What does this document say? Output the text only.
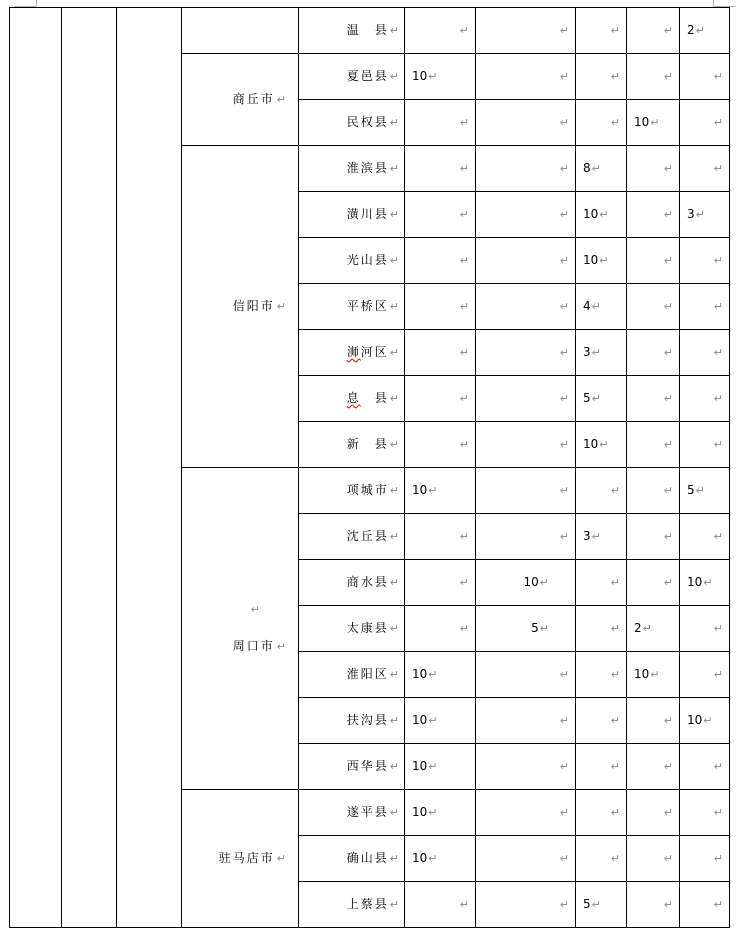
				温　县↵	↵	↵	↵	↵	2↵
			商丘市 ↵	夏邑县↵	10↵	↵	↵	↵	↵
				民权县↵	↵	↵	↵	10↵	↵
			信阳市 ↵	淮滨县↵	↵	↵	8↵	↵	↵
				潢川县↵	↵	↵	10↵	↵	3↵
				光山县↵	↵	↵	10↵	↵	↵
				平桥区↵	↵	↵	4↵	↵	↵
				浉河区↵	↵	↵	3↵	↵	↵
				息　县↵	↵	↵	5↵	↵	↵
				新　县↵	↵	↵	10↵	↵	↵

			↵
周口市 ↵	项城市↵	10↵	↵	↵	↵	5↵
				沈丘县↵	↵	↵	3↵	↵	↵
				商水县↵	↵	10↵	↵	↵	10↵
				太康县↵	↵	5↵	↵	2↵	↵
				淮阳区↵	10↵	↵	↵	10↵	↵
				扶沟县↵	10↵	↵	↵	↵	10↵
				西华县↵	10↵	↵	↵	↵	↵
			驻马店市 ↵	遂平县↵	10↵	↵	↵	↵	↵
				确山县↵	10↵	↵	↵	↵	↵
				上蔡县↵	↵	↵	5↵	↵	↵
